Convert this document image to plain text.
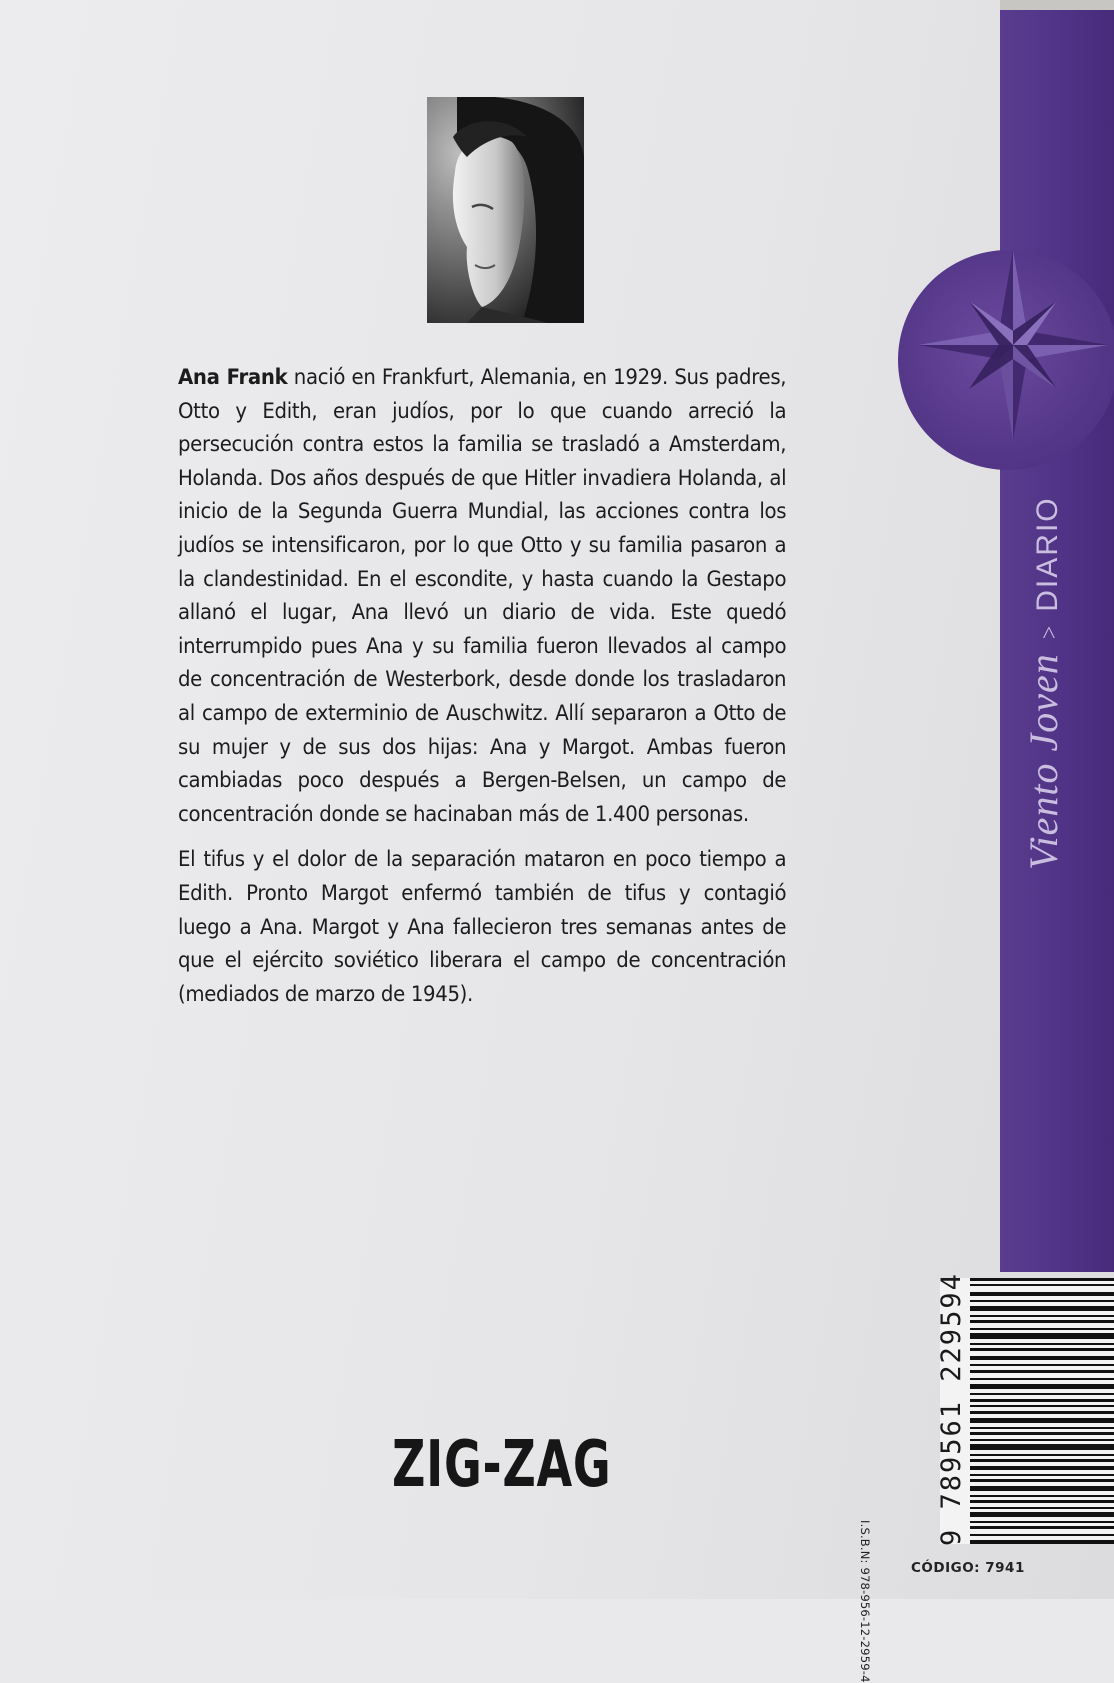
Viento Joven
>
DIARIO

Ana Frank nació en Frankfurt, Alemania, en 1929. Sus padres, Otto y Edith, eran judíos, por lo que cuando arreció la persecución contra estos la familia se trasladó a Amsterdam, Holanda. Dos años después de que Hitler invadiera Holanda, al inicio de la Segunda Guerra Mundial, las acciones contra los judíos se intensificaron, por lo que Otto y su familia pasaron a la clandestinidad. En el escondite, y hasta cuando la Gestapo allanó el lugar, Ana llevó un diario de vida. Este quedó interrumpido pues Ana y su familia fueron llevados al campo de concentración de Westerbork, desde donde los trasladaron al campo de exterminio de Auschwitz. Allí separaron a Otto de su mujer y de sus dos hijas: Ana y Margot. Ambas fueron cambiadas poco después a Bergen-Belsen, un campo de concentración donde se hacinaban más de 1.400 personas.

El tifus y el dolor de la separación mataron en poco tiempo a Edith. Pronto Margot enfermó también de tifus y contagió luego a Ana. Margot y Ana fallecieron tres semanas antes de que el ejército soviético liberara el campo de concentración (mediados de marzo de 1945).

ZIG-ZAG	9 789561 229594
I.S.B.N: 978-956-12-2959-4	CÓDIGO: 7941
